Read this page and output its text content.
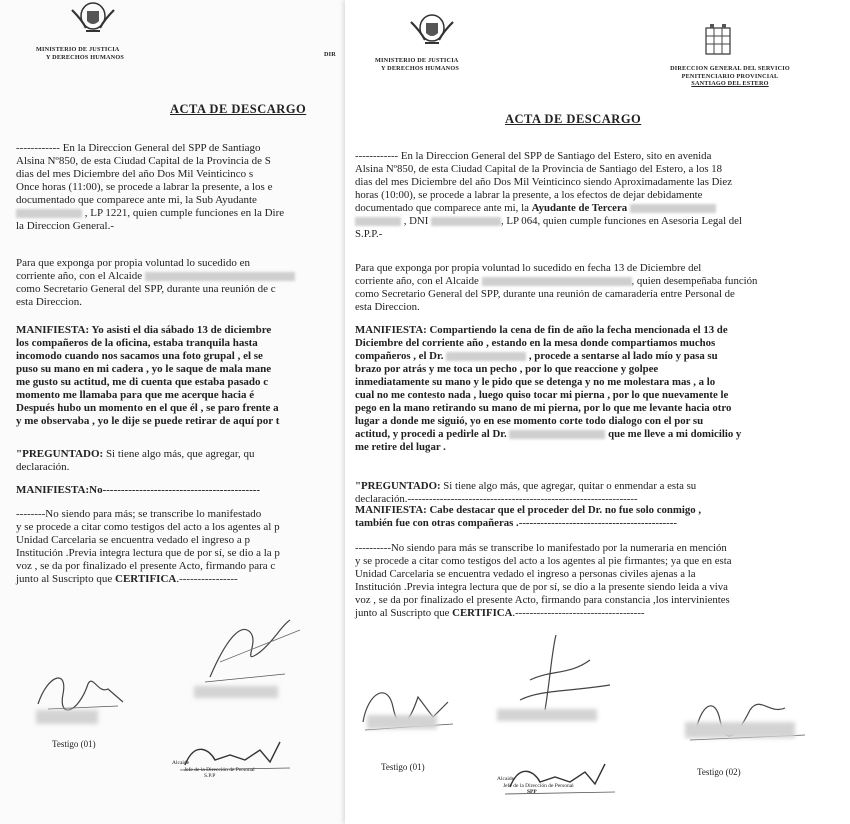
MINISTERIO DE JUSTICIA
Y DERECHOS HUMANOS	DIR
ACTA DE DESCARGO
------------ En la Direccion General del SPP de Santiago
Alsina Nº850, de esta Ciudad Capital de la Provincia de S
dias del mes Diciembre del año Dos Mil Veinticinco s
Once horas (11:00), se procede a labrar la presente, a los e
documentado que comparece ante mi, la Sub Ayudante
, LP 1221, quien cumple funciones en la Dire
la Direccion General.-
Para que exponga por propia voluntad lo sucedido en
corriente año, con el Alcaide
como Secretario General del SPP, durante una reunión de c
esta Direccion.
MANIFIESTA: Yo asisti el dia sábado 13 de diciembre
los compañeros de la oficina, estaba tranquila hasta
incomodo cuando nos sacamos una foto grupal , el se
puso su mano en mi cadera , yo le saque de mala mane
me gusto su actitud, me di cuenta que estaba pasado c
momento me llamaba para que me acerque hacia é
Después hubo un momento en el que él , se paro frente a
y me observaba , yo le dije se puede retirar de aquí por t
"PREGUNTADO: Si tiene algo más, que agregar, qu
declaración.
MANIFIESTA:No-------------------------------------------
--------No siendo para más; se transcribe lo manifestado
y se procede a citar como testigos del acto a los agentes al p
Unidad Carcelaria se encuentra vedado el ingreso a p
Institución .Previa integra lectura que de por sí, se dio a la p
voz , se da por finalizado el presente Acto, firmando para c
junto al Suscripto que CERTIFICA.----------------
Testigo (01)
Alcaide
Jefe de la Dirección de Personal
S.P.P
MINISTERIO DE JUSTICIA
Y DERECHOS HUMANOS	DIRECCION GENERAL DEL SERVICIO
PENITENCIARIO PROVINCIAL
SANTIAGO DEL ESTERO
ACTA DE DESCARGO
------------ En la Direccion General del SPP de Santiago del Estero, sito en avenida
Alsina Nº850, de esta Ciudad Capital de la Provincia de Santiago del Estero, a los 18
dias del mes Diciembre del año Dos Mil Veinticinco siendo Aproximadamente las Diez
horas (10:00), se procede a labrar la presente, a los efectos de dejar debidamente
documentado que comparece ante mi, la Ayudante de Tercera
, DNI	, LP 064, quien cumple funciones en Asesoria Legal del
S.P.P.-
Para que exponga por propia voluntad lo sucedido en fecha 13 de Diciembre del
corriente año, con el Alcaide	, quien desempeñaba función
como Secretario General del SPP, durante una reunión de camaradería entre Personal de
esta Direccion.
MANIFIESTA: Compartiendo la cena de fin de año la fecha mencionada el 13 de
Diciembre del corriente año , estando en la mesa donde compartiamos muchos
compañeros , el Dr.	, procede a sentarse al lado mío y pasa su
brazo por atrás y me toca un pecho , por lo que reaccione y golpee
inmediatamente su mano y le pido que se detenga y no me molestara mas , a lo
cual no me contesto nada , luego quiso tocar mi pierna , por lo que nuevamente le
pego en la mano retirando su mano de mi pierna, por lo que me levante hacia otro
lugar a donde me siguió, yo en ese momento corte todo dialogo con el por su
actitud, y procedi a pedirle al Dr.	que me lleve a mi domicilio y
me retire del lugar .
"PREGUNTADO: Si tiene algo más, que agregar, quitar o enmendar a esta su
declaración.----------------------------------------------------------------
MANIFIESTA: Cabe destacar que el proceder del Dr. no fue solo conmigo ,
también fue con otras compañeras .--------------------------------------------
----------No siendo para más se transcribe lo manifestado por la numeraria en mención
y se procede a citar como testigos del acto a los agentes al pie firmantes; ya que en esta
Unidad Carcelaria se encuentra vedado el ingreso a personas civiles ajenas a la
Institución .Previa integra lectura que de por sí, se dio a la presente siendo leida a viva
voz , se da por finalizado el presente Acto, firmando para constancia ,los intervinientes
junto al Suscripto que CERTIFICA.------------------------------------
Testigo (01)
Alcaide
Jefe de la Dirección de Personal
SPP
Testigo (02)
